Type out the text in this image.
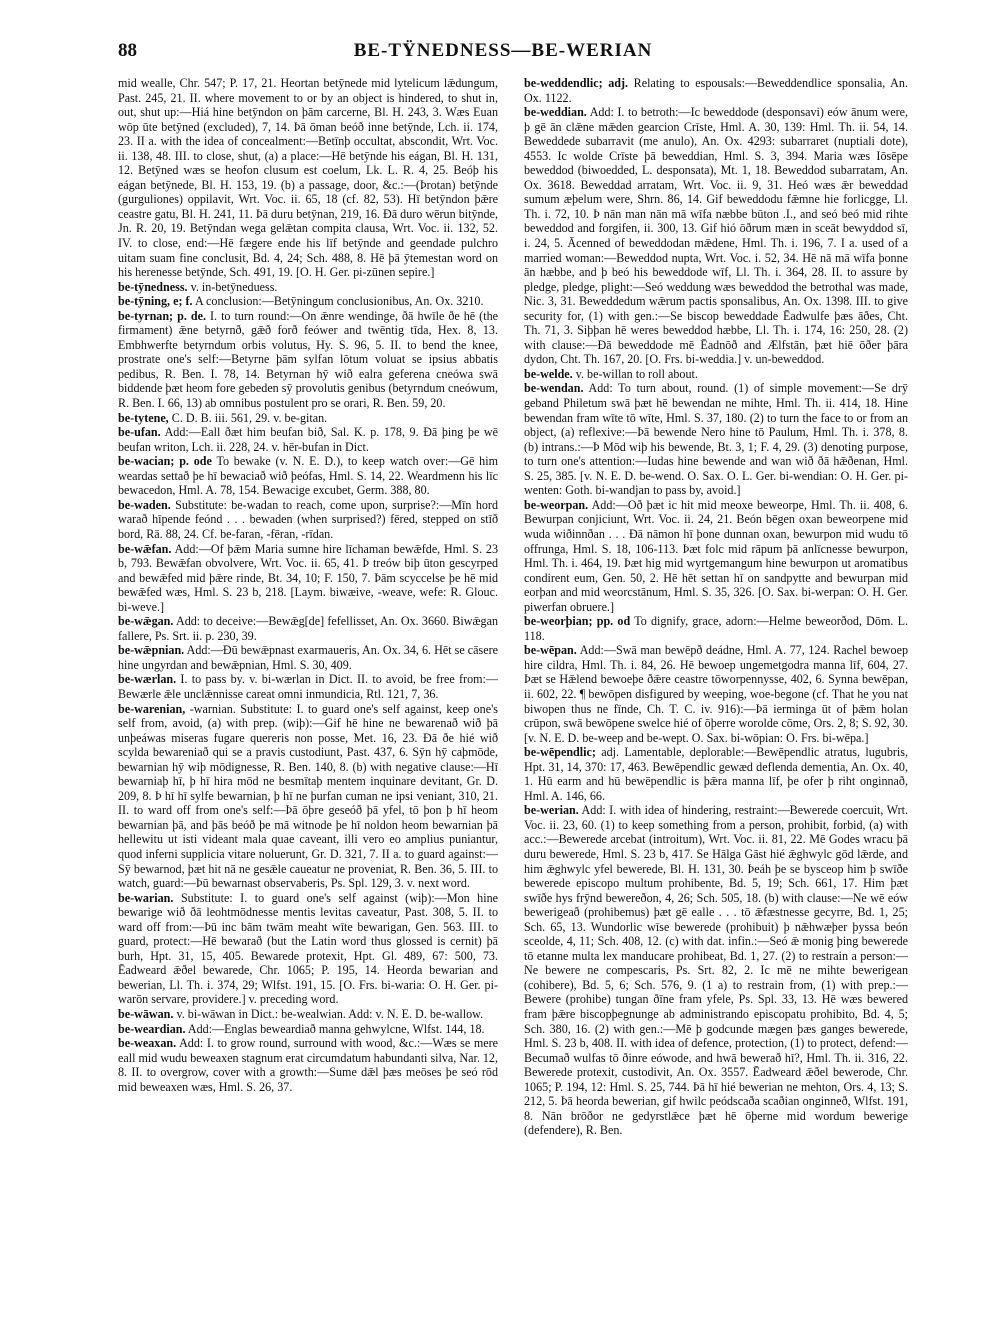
88	BE-TŸNEDNESS—BE-WERIAN

mid wealle, Chr. 547; P. 17, 21. Heortan betȳnede mid lytelicum lǣdungum, Past. 245, 21. II. where movement to or by an object is hindered, to shut in, out, shut up:—Hiá hine betȳndon on þām carcerne, Bl. H. 243, 3. Wæs Euan wōp ūte betȳned (excluded), 7, 14. Þā ōman beóð inne betȳnde, Lch. ii. 174, 23. II a. with the idea of concealment:—Betīnþ occultat, abscondit, Wrt. Voc. ii. 138, 48. III. to close, shut, (a) a place:—Hē betȳnde his eágan, Bl. H. 131, 12. Betȳned wæs se heofon clusum est coelum, Lk. L. R. 4, 25. Beóþ his eágan betȳnede, Bl. H. 153, 19. (b) a passage, door, &c.:—(Þrotan) betȳnde (gurguliones) oppilavit, Wrt. Voc. ii. 65, 18 (cf. 82, 53). Hī betȳndon þǣre ceastre gatu, Bl. H. 241, 11. Þā duru betȳnan, 219, 16. Ðā duro wērun bitȳnde, Jn. R. 20, 19. Betȳndan wega gelǣtan compita clausa, Wrt. Voc. ii. 132, 52. IV. to close, end:—Hē fægere ende his līf betȳnde and geendade pulchro uitam suam fine conclusit, Bd. 4, 24; Sch. 488, 8. Hē þā ȳtemestan word on his herenesse betȳnde, Sch. 491, 19. [O. H. Ger. pi-zūnen sepire.]

be-tȳnedness. v. in-betȳneduess.

be-tȳning, e; f. A conclusion:—Betȳningum conclusionibus, An. Ox. 3210.

be-tyrnan; p. de. I. to turn round:—On ǣnre wendinge, ðā hwīle ðe hē (the firmament) ǣne betyrnð, gǣð forð feówer and twēntig tīda, Hex. 8, 13. Embhwerfte betyrndum orbis volutus, Hy. S. 96, 5. II. to bend the knee, prostrate one's self:—Betyrne þām sylfan lōtum voluat se ipsius abbatis pedibus, R. Ben. I. 78, 14. Betyrnan hȳ wið ealra geferena cneówa swā biddende þæt heom fore gebeden sȳ provolutis genibus (betyrndum cneówum, R. Ben. I. 66, 13) ab omnibus postulent pro se orari, R. Ben. 59, 20.

be-tytene, C. D. B. iii. 561, 29. v. be-gitan.

be-ufan. Add:—Eall ðæt him beufan bið, Sal. K. p. 178, 9. Ðā þing þe wē beufan writon, Lch. ii. 228, 24. v. hēr-bufan in Dict.

be-wacian; p. ode To bewake (v. N. E. D.), to keep watch over:—Gē him weardas settað þe hī bewaciað wið þeófas, Hml. S. 14, 22. Weardmenn his līc bewacedon, Hml. A. 78, 154. Bewacige excubet, Germ. 388, 80.

be-waden. Substitute: be-wadan to reach, come upon, surprise?:—Mīn hord warað hīpende feónd . . . bewaden (when surprised?) fēred, stepped on stīð bord, Rā. 88, 24. Cf. be-faran, -fēran, -rīdan.

be-wǣfan. Add:—Of þǣm Maria sumne hire līchaman bewǣfde, Hml. S. 23 b, 793. Bewǣfan obvolvere, Wrt. Voc. ii. 65, 41. Þ treów biþ ūton gescyrped and bewǣfed mid þǣre rinde, Bt. 34, 10; F. 150, 7. Þām scyccelse þe hē mid bewǣfed wæs, Hml. S. 23 b, 218. [Laym. biwæive, -weave, wefe: R. Glouc. bi-weve.]

be-wǣgan. Add: to deceive:—Bewǣg[de] fefellisset, An. Ox. 3660. Biwǣgan fallere, Ps. Srt. ii. p. 230, 39.

be-wǣpnian. Add:—Ðū bewǣpnast exarmaueris, An. Ox. 34, 6. Hēt se cāsere hine ungyrdan and bewǣpnian, Hml. S. 30, 409.

be-wærlan. I. to pass by. v. bi-wærlan in Dict. II. to avoid, be free from:—Bewærle ǣle unclǣnnisse careat omni inmundicia, Rtl. 121, 7, 36.

be-warenian, -warnian. Substitute: I. to guard one's self against, keep one's self from, avoid, (a) with prep. (wiþ):—Gif hē hine ne bewarenað wið þā unþeáwas miseras fugare quereris non posse, Met. 16, 23. Ðā ðe hié wið scylda bewareniað qui se a pravis custodiunt, Past. 437, 6. Sȳn hȳ caþmōde, bewarnian hȳ wiþ mōdignesse, R. Ben. 140, 8. (b) with negative clause:—Hī bewarniaþ hī, þ hī hira mōd ne besmītaþ mentem inquinare devitant, Gr. D. 209, 8. Þ hī hī sylfe bewarnian, þ hī ne þurfan cuman ne ipsi veniant, 310, 21. II. to ward off from one's self:—Þā ōþre geseóð þā yfel, tō þon þ hī heom bewarnian þā, and þās beóð þe mā witnode þe hī noldon heom bewarnian þā hellewitu ut isti videant mala quae caveant, illi vero eo amplius puniantur, quod inferni supplicia vitare noluerunt, Gr. D. 321, 7. II a. to guard against:—Sȳ bewarnod, þæt hit nā ne gesǣle caueatur ne proveniat, R. Ben. 36, 5. III. to watch, guard:—Þū bewarnast observaberis, Ps. Spl. 129, 3. v. next word.

be-warian. Substitute: I. to guard one's self against (wiþ):—Mon hine bewarige wið ðā leohtmōdnesse mentis levitas caveatur, Past. 308, 5. II. to ward off from:—Þū inc bām twām meaht wīte bewarigan, Gen. 563. III. to guard, protect:—Hē bewarað (but the Latin word thus glossed is cernit) þā burh, Hpt. 31, 15, 405. Bewarede protexit, Hpt. Gl. 489, 67: 500, 73. Ēadweard ǣðel bewarede, Chr. 1065; P. 195, 14. Heorda bewarian and bewerian, Ll. Th. i. 374, 29; Wlfst. 191, 15. [O. Frs. bi-waria: O. H. Ger. pi-warōn servare, providere.] v. preceding word.

be-wāwan. v. bi-wāwan in Dict.: be-wealwian. Add: v. N. E. D. be-wallow.

be-weardian. Add:—Englas beweardiað manna gehwylcne, Wlfst. 144, 18.

be-weaxan. Add: I. to grow round, surround with wood, &c.:—Wæs se mere eall mid wudu beweaxen stagnum erat circumdatum habundanti silva, Nar. 12, 8. II. to overgrow, cover with a growth:—Sume dǣl þæs meōses þe seó rōd mid beweaxen wæs, Hml. S. 26, 37.

be-weddendlic; adj. Relating to espousals:—Beweddendlice sponsalia, An. Ox. 1122.

be-weddian. Add: I. to betroth:—Ic beweddode (desponsavi) eów ānum were, þ gē ān clǣne mǣden gearcion Crīste, Hml. A. 30, 139: Hml. Th. ii. 54, 14. Beweddede subarravit (me anulo), An. Ox. 4293: subarraret (nuptiali dote), 4553. Ic wolde Crīste þā beweddian, Hml. S. 3, 394. Maria wæs Iōsēpe beweddod (biwoedded, L. desponsata), Mt. 1, 18. Beweddod subarratam, An. Ox. 3618. Beweddad arratam, Wrt. Voc. ii. 9, 31. Heó wæs ǣr beweddad sumum æþelum were, Shrn. 86, 14. Gif beweddodu fǣmne hie forlicgge, Ll. Th. i. 72, 10. Þ nān man nān mā wīfa næbbe būton .I., and seó beó mid rihte beweddod and forgifen, ii. 300, 13. Gif hió ōðrum mæn in sceāt bewyddod sī, i. 24, 5. Ācenned of beweddodan mǣdene, Hml. Th. i. 196, 7. I a. used of a married woman:—Beweddod nupta, Wrt. Voc. i. 52, 34. Hē nā mā wīfa þonne ān hæbbe, and þ beó his beweddode wīf, Ll. Th. i. 364, 28. II. to assure by pledge, pledge, plight:—Seó weddung wæs beweddod the betrothal was made, Nic. 3, 31. Beweddedum wǣrum pactis sponsalibus, An. Ox. 1398. III. to give security for, (1) with gen.:—Se biscop beweddade Ēadwulfe þæs āðes, Cht. Th. 71, 3. Siþþan hē weres beweddod hæbbe, Ll. Th. i. 174, 16: 250, 28. (2) with clause:—Ðā beweddode mē Ēadnōð and Ælfstān, þæt hiē ōðer þāra dydon, Cht. Th. 167, 20. [O. Frs. bi-weddia.] v. un-beweddod.

be-welde. v. be-willan to roll about.

be-wendan. Add: To turn about, round. (1) of simple movement:—Se drȳ geband Philetum swā þæt hē bewendan ne mihte, Hml. Th. ii. 414, 18. Hine bewendan fram wīte tō wīte, Hml. S. 37, 180. (2) to turn the face to or from an object, (a) reflexive:—Þā bewende Nero hine tō Paulum, Hml. Th. i. 378, 8. (b) intrans.:—Þ Mōd wiþ his bewende, Bt. 3, 1; F. 4, 29. (3) denoting purpose, to turn one's attention:—Iudas hine bewende and wan wið ðā hǣðenan, Hml. S. 25, 385. [v. N. E. D. be-wend. O. Sax. O. L. Ger. bi-wendian: O. H. Ger. pi-wenten: Goth. bi-wandjan to pass by, avoid.]

be-weorpan. Add:—Oð þæt ic hit mid meoxe beweorpe, Hml. Th. ii. 408, 6. Bewurpan conjiciunt, Wrt. Voc. ii. 24, 21. Beón bēgen oxan beweorpene mid wuda wiðinnðan . . . Ðā nāmon hī þone dunnan oxan, bewurpon mid wudu tō offrunga, Hml. S. 18, 106-113. Þæt folc mid rāpum þā anlīcnesse bewurpon, Hml. Th. i. 464, 19. Þæt hig mid wyrtgemangum hine bewurpon ut aromatibus condirent eum, Gen. 50, 2. Hē hēt settan hī on sandpytte and bewurpan mid eorþan and mid weorcstānum, Hml. S. 35, 326. [O. Sax. bi-werpan: O. H. Ger. piwerfan obruere.]

be-weorþian; pp. od To dignify, grace, adorn:—Helme beweorðod, Dōm. L. 118.

be-wēpan. Add:—Swā man bewēpð deádne, Hml. A. 77, 124. Rachel bewoep hire cildra, Hml. Th. i. 84, 26. Hē bewoep ungemetgodra manna līf, 604, 27. Þæt se Hǣlend bewoeþe ðǣre ceastre tōworpennysse, 402, 6. Synna bewēpan, ii. 602, 22. ¶ bewōpen disfigured by weeping, woe-begone (cf. That he you nat biwopen thus ne fīnde, Ch. T. C. iv. 916):—Þā ierminga ūt of þǣm holan crūpon, swā bewōpene swelce hié of ōþerre woroldе cōme, Ors. 2, 8; S. 92, 30. [v. N. E. D. be-weep and be-wept. O. Sax. bi-wōpian: O. Frs. bi-wēpa.]

be-wēpendlic; adj. Lamentable, deplorable:—Bewēpendlic atratus, lugubris, Hpt. 31, 14, 370: 17, 463. Bewēpendlic gewæd deflenda dementia, An. Ox. 40, 1. Hū earm and hū bewēpendlic is þǣra manna līf, þe ofer þ riht onginnað, Hml. A. 146, 66.

be-werian. Add: I. with idea of hindering, restraint:—Bewerede coercuit, Wrt. Voc. ii. 23, 60. (1) to keep something from a person, prohibit, forbid, (a) with acc.:—Bewerede arcebat (introitum), Wrt. Voc. ii. 81, 22. Mē Godes wracu þā duru bewerede, Hml. S. 23 b, 417. Se Hālga Gāst hié ǣghwylc gōd lǣrde, and him ǣghwylc yfel bewerede, Bl. H. 131, 30. Þeáh þe se byscеop him þ swīðe bewerede episcopo multum prohibente, Bd. 5, 19; Sch. 661, 17. Him þæt swīðe hys frȳnd bewereðon, 4, 26; Sch. 505, 18. (b) with clause:—Ne wē eów bewerigeað (prohibemus) þæt gē ealle . . . tō ǣfæstnesse gecyrre, Bd. 1, 25; Sch. 65, 13. Wundorlic wīse bewerede (prohibuit) þ nǣhwæþer þyssa beón sceolde, 4, 11; Sch. 408, 12. (c) with dat. infin.:—Seó ǣ monig þing bewerede tō etanne multa lex manducare prohibeat, Bd. 1, 27. (2) to restrain a person:—Ne bewere ne compescaris, Ps. Srt. 82, 2. Ic mē ne mihte bewerigean (cohibere), Bd. 5, 6; Sch. 576, 9. (1 a) to restrain from, (1) with prep.:—Bewere (prohibe) tungan ðīne fram yfele, Ps. Spl. 33, 13. Hē wæs bewered fram þǣre biscopþegnunge ab administrando episcopatu prohibito, Bd. 4, 5; Sch. 380, 16. (2) with gen.:—Mē þ godcunde mægen þæs ganges bewerede, Hml. S. 23 b, 408. II. with idea of defence, protection, (1) to protect, defend:—Becumað wulfas tō ðinre eówode, and hwā bewerað hī?, Hml. Th. ii. 316, 22. Bewerede protexit, custodivit, An. Ox. 3557. Ēadweard ǣðel bewerode, Chr. 1065; P. 194, 12: Hml. S. 25, 744. Þā hī hié bewerian ne mehton, Ors. 4, 13; S. 212, 5. Þā heorda bewerian, gif hwilc peódscaða scaðian onginneð, Wlfst. 191, 8. Nān brōðor ne gedyrstlǣce þæt hē ōþerne mid wordum bewerige (defendere), R. Ben.
